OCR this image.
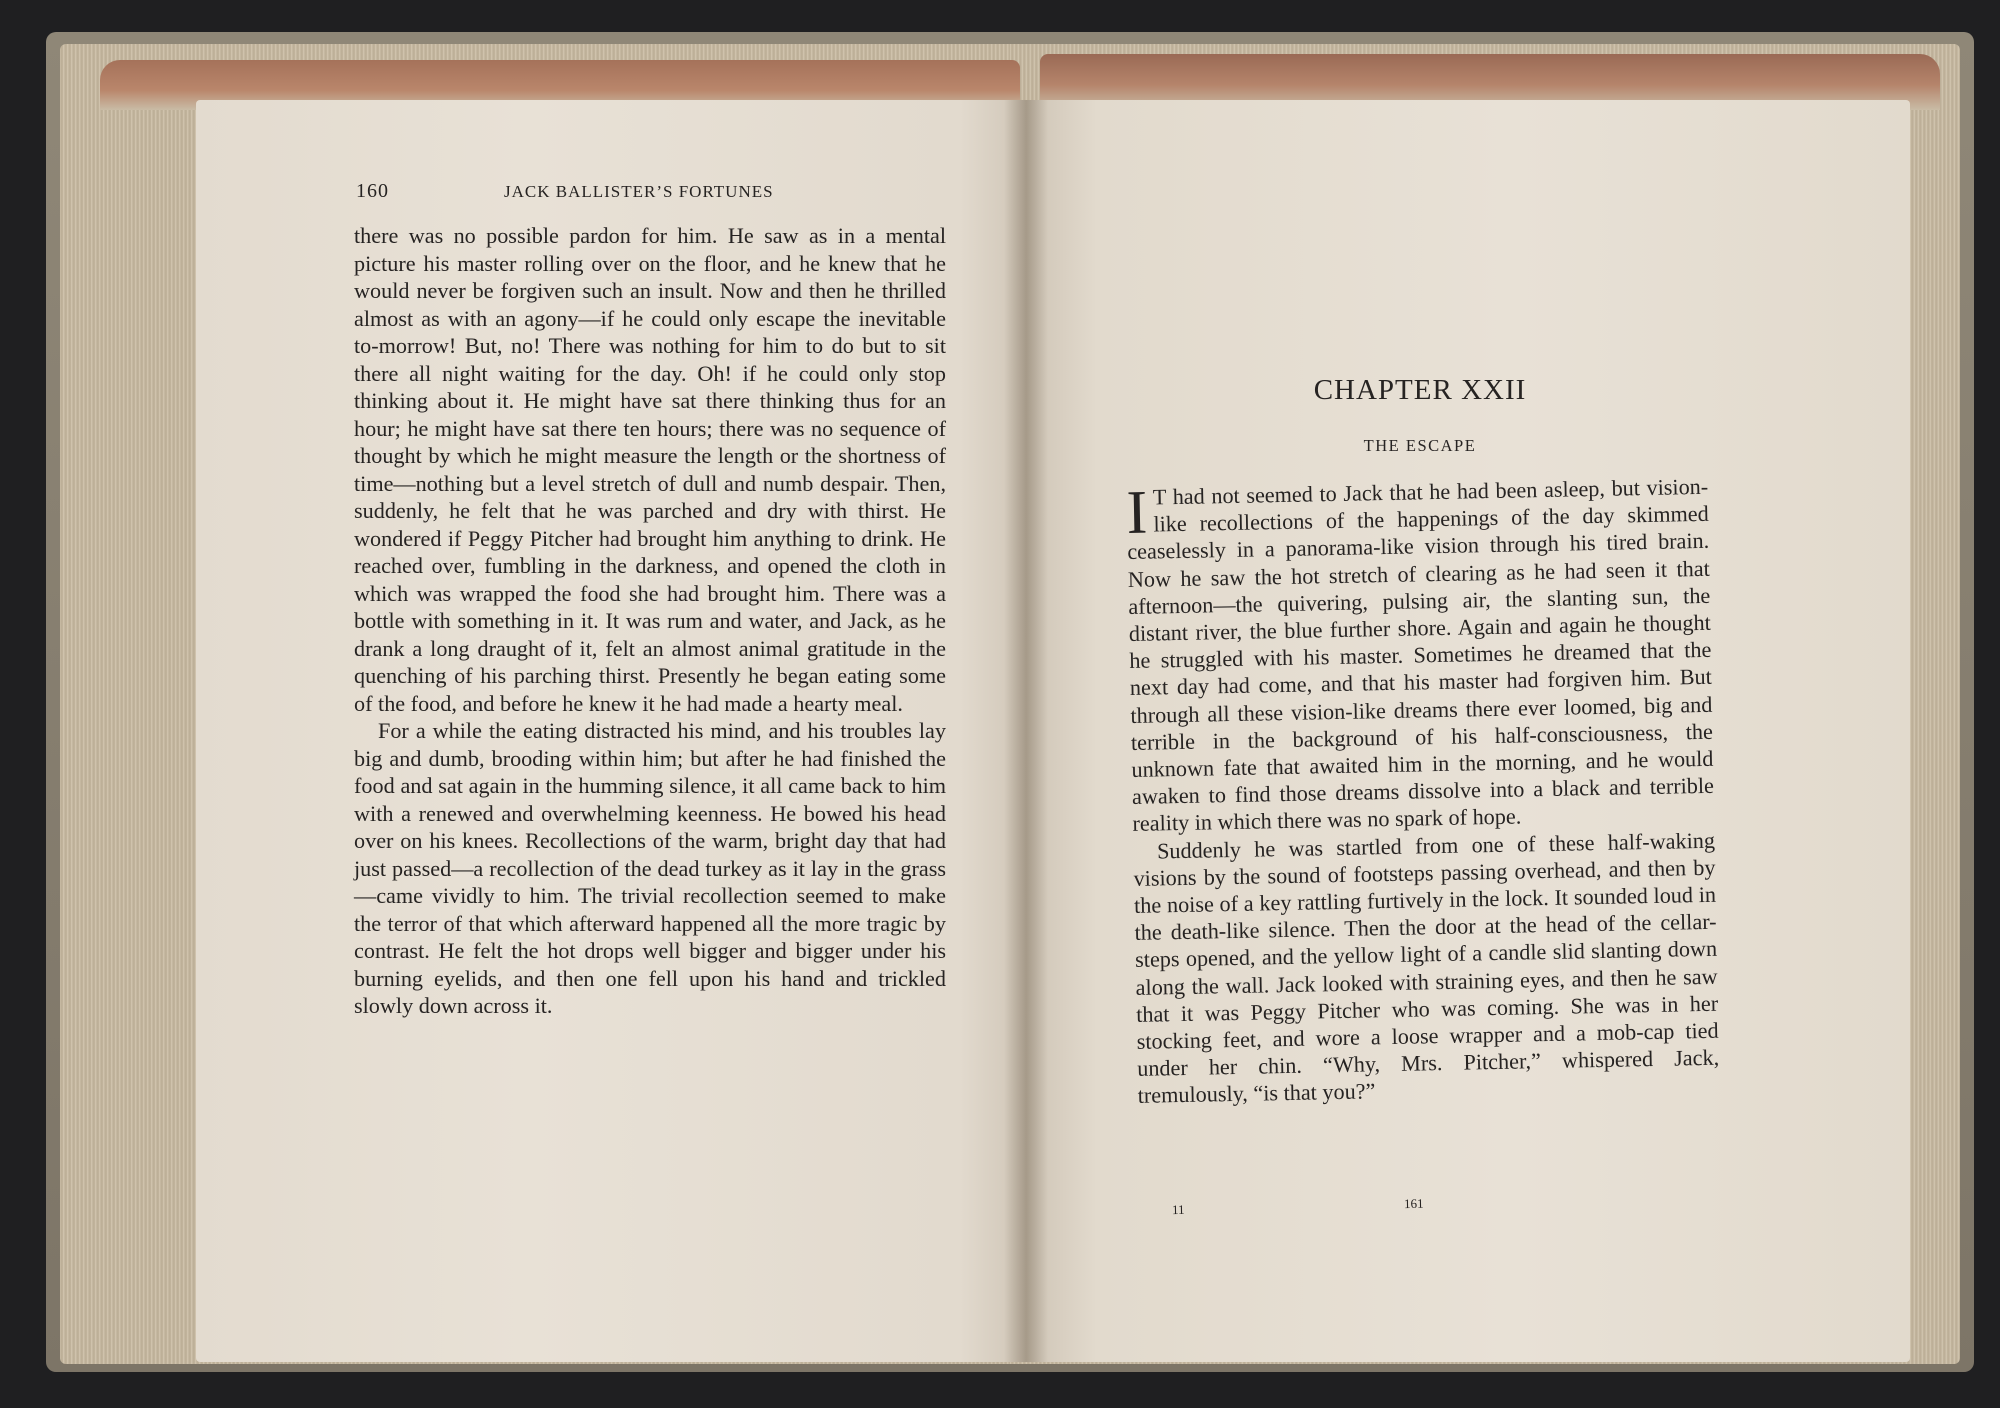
160	JACK BALLISTER’S FORTUNES

there was no possible pardon for him. He saw as in a mental picture his master rolling over on the floor, and he knew that he would never be forgiven such an insult. Now and then he thrilled almost as with an agony—if he could only escape the inevitable to-morrow! But, no! There was nothing for him to do but to sit there all night waiting for the day. Oh! if he could only stop thinking about it. He might have sat there thinking thus for an hour; he might have sat there ten hours; there was no sequence of thought by which he might measure the length or the shortness of time—nothing but a level stretch of dull and numb despair. Then, suddenly, he felt that he was parched and dry with thirst. He wondered if Peggy Pitcher had brought him anything to drink. He reached over, fumbling in the darkness, and opened the cloth in which was wrapped the food she had brought him. There was a bottle with something in it. It was rum and water, and Jack, as he drank a long draught of it, felt an almost animal gratitude in the quenching of his parching thirst. Presently he began eating some of the food, and before he knew it he had made a hearty meal.

For a while the eating distracted his mind, and his troubles lay big and dumb, brooding within him; but after he had finished the food and sat again in the humming silence, it all came back to him with a renewed and overwhelming keenness. He bowed his head over on his knees. Recollections of the warm, bright day that had just passed—a recollection of the dead turkey as it lay in the grass—came vividly to him. The trivial recollection seemed to make the terror of that which afterward happened all the more tragic by contrast. He felt the hot drops well bigger and bigger under his burning eyelids, and then one fell upon his hand and trickled slowly down across it.

CHAPTER XXII
THE ESCAPE

I T had not seemed to Jack that he had been asleep, but vision-like recollections of the happenings of the day skimmed ceaselessly in a panorama-like vision through his tired brain. Now he saw the hot stretch of clearing as he had seen it that afternoon—the quivering, pulsing air, the slanting sun, the distant river, the blue further shore. Again and again he thought he struggled with his master. Sometimes he dreamed that the next day had come, and that his master had forgiven him. But through all these vision-like dreams there ever loomed, big and terrible in the background of his half-consciousness, the unknown fate that awaited him in the morning, and he would awaken to find those dreams dissolve into a black and terrible reality in which there was no spark of hope.

Suddenly he was startled from one of these half-waking visions by the sound of footsteps passing overhead, and then by the noise of a key rattling furtively in the lock. It sounded loud in the death-like silence. Then the door at the head of the cellar-steps opened, and the yellow light of a candle slid slanting down along the wall. Jack looked with straining eyes, and then he saw that it was Peggy Pitcher who was coming. She was in her stocking feet, and wore a loose wrapper and a mob-cap tied under her chin. “Why, Mrs. Pitcher,” whispered Jack, tremulously, “is that you?”

11	161
